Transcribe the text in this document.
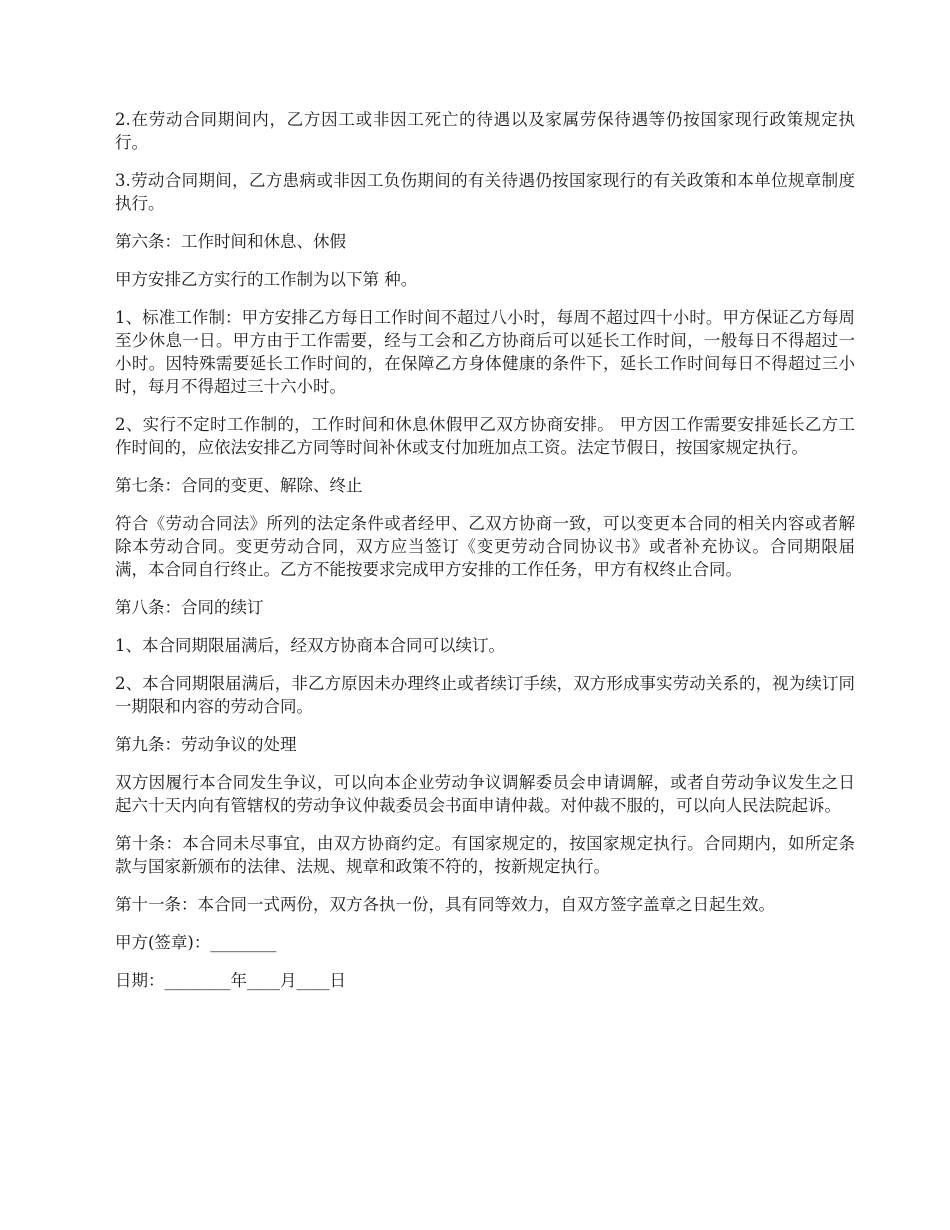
2.在劳动合同期间内，乙方因工或非因工死亡的待遇以及家属劳保待遇等仍按国家现行政策规定执行。

3.劳动合同期间，乙方患病或非因工负伤期间的有关待遇仍按国家现行的有关政策和本单位规章制度执行。

第六条：工作时间和休息、休假

甲方安排乙方实行的工作制为以下第 种。

1、标准工作制：甲方安排乙方每日工作时间不超过八小时，每周不超过四十小时。甲方保证乙方每周至少休息一日。甲方由于工作需要，经与工会和乙方协商后可以延长工作时间，一般每日不得超过一小时。因特殊需要延长工作时间的，在保障乙方身体健康的条件下，延长工作时间每日不得超过三小时，每月不得超过三十六小时。

2、实行不定时工作制的，工作时间和休息休假甲乙双方协商安排。 甲方因工作需要安排延长乙方工作时间的，应依法安排乙方同等时间补休或支付加班加点工资。法定节假日，按国家规定执行。

第七条：合同的变更、解除、终止

符合《劳动合同法》所列的法定条件或者经甲、乙双方协商一致，可以变更本合同的相关内容或者解除本劳动合同。变更劳动合同，双方应当签订《变更劳动合同协议书》或者补充协议。合同期限届满，本合同自行终止。乙方不能按要求完成甲方安排的工作任务，甲方有权终止合同。

第八条：合同的续订

1、本合同期限届满后，经双方协商本合同可以续订。

2、本合同期限届满后，非乙方原因未办理终止或者续订手续，双方形成事实劳动关系的，视为续订同一期限和内容的劳动合同。

第九条：劳动争议的处理

双方因履行本合同发生争议，可以向本企业劳动争议调解委员会申请调解，或者自劳动争议发生之日起六十天内向有管辖权的劳动争议仲裁委员会书面申请仲裁。对仲裁不服的，可以向人民法院起诉。

第十条：本合同未尽事宜，由双方协商约定。有国家规定的，按国家规定执行。合同期内，如所定条款与国家新颁布的法律、法规、规章和政策不符的，按新规定执行。

第十一条：本合同一式两份，双方各执一份，具有同等效力，自双方签字盖章之日起生效。

甲方(签章)：________

日期：________年____月____日
